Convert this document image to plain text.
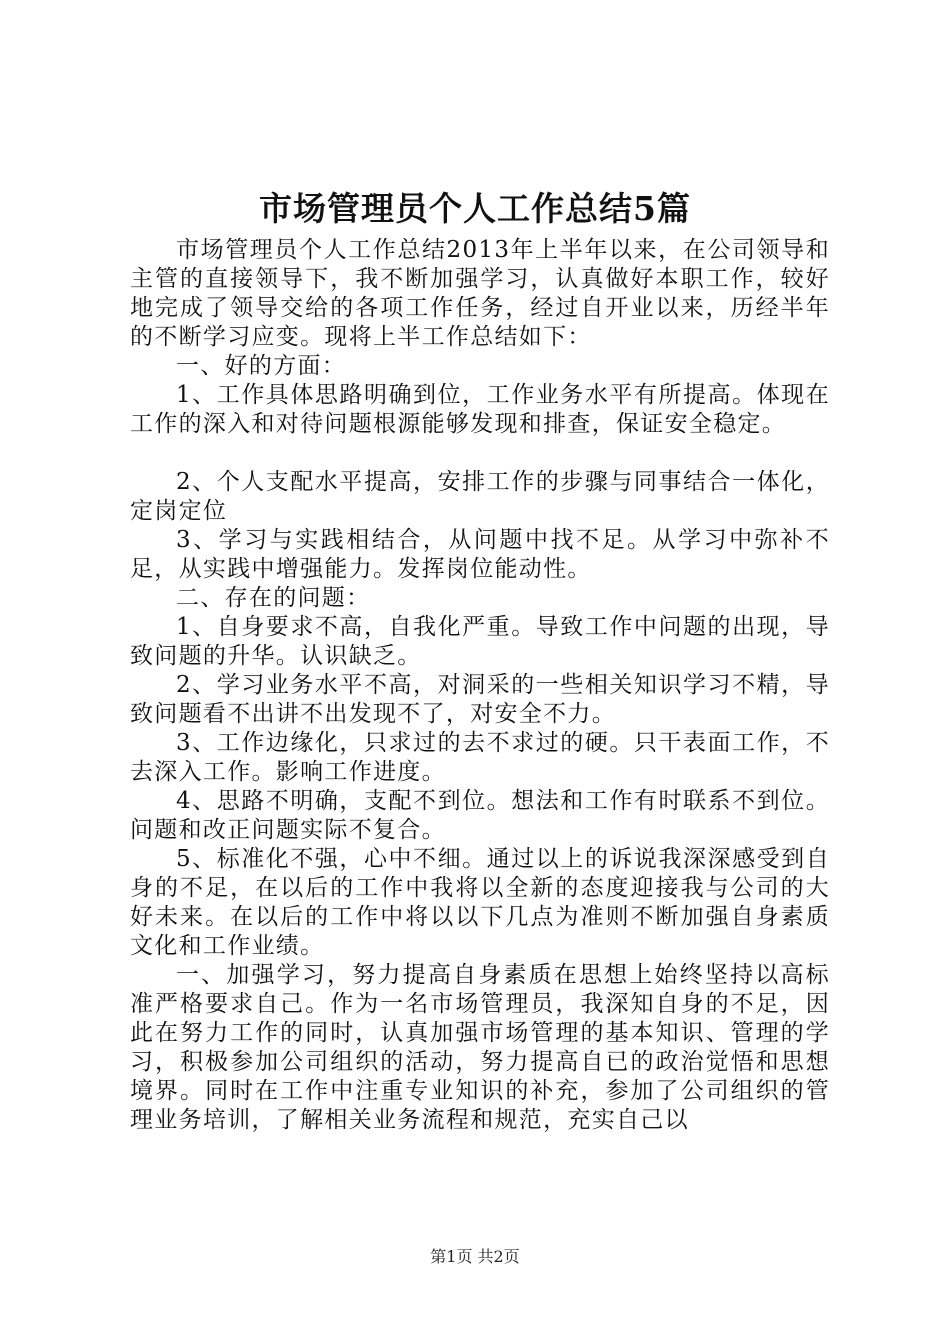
市场管理员个人工作总结5篇

市场管理员个人工作总结2013年上半年以来，在公司领导和主管的直接领导下，我不断加强学习，认真做好本职工作，较好地完成了领导交给的各项工作任务，经过自开业以来，历经半年的不断学习应变。现将上半工作总结如下：

一、好的方面：

1、工作具体思路明确到位，工作业务水平有所提高。体现在工作的深入和对待问题根源能够发现和排查，保证安全稳定。

2、个人支配水平提高，安排工作的步骤与同事结合一体化，定岗定位

3、学习与实践相结合，从问题中找不足。从学习中弥补不足，从实践中增强能力。发挥岗位能动性。

二、存在的问题：

1、自身要求不高，自我化严重。导致工作中问题的出现，导致问题的升华。认识缺乏。

2、学习业务水平不高，对洞采的一些相关知识学习不精，导致问题看不出讲不出发现不了，对安全不力。

3、工作边缘化，只求过的去不求过的硬。只干表面工作，不去深入工作。影响工作进度。

4、思路不明确，支配不到位。想法和工作有时联系不到位。问题和改正问题实际不复合。

5、标准化不强，心中不细。通过以上的诉说我深深感受到自身的不足，在以后的工作中我将以全新的态度迎接我与公司的大好未来。在以后的工作中将以以下几点为准则不断加强自身素质文化和工作业绩。

一、加强学习，努力提高自身素质在思想上始终坚持以高标准严格要求自己。作为一名市场管理员，我深知自身的不足，因此在努力工作的同时，认真加强市场管理的基本知识、管理的学习，积极参加公司组织的活动，努力提高自已的政治觉悟和思想境界。同时在工作中注重专业知识的补充，参加了公司组织的管理业务培训，了解相关业务流程和规范，充实自己以

第1页 共2页
